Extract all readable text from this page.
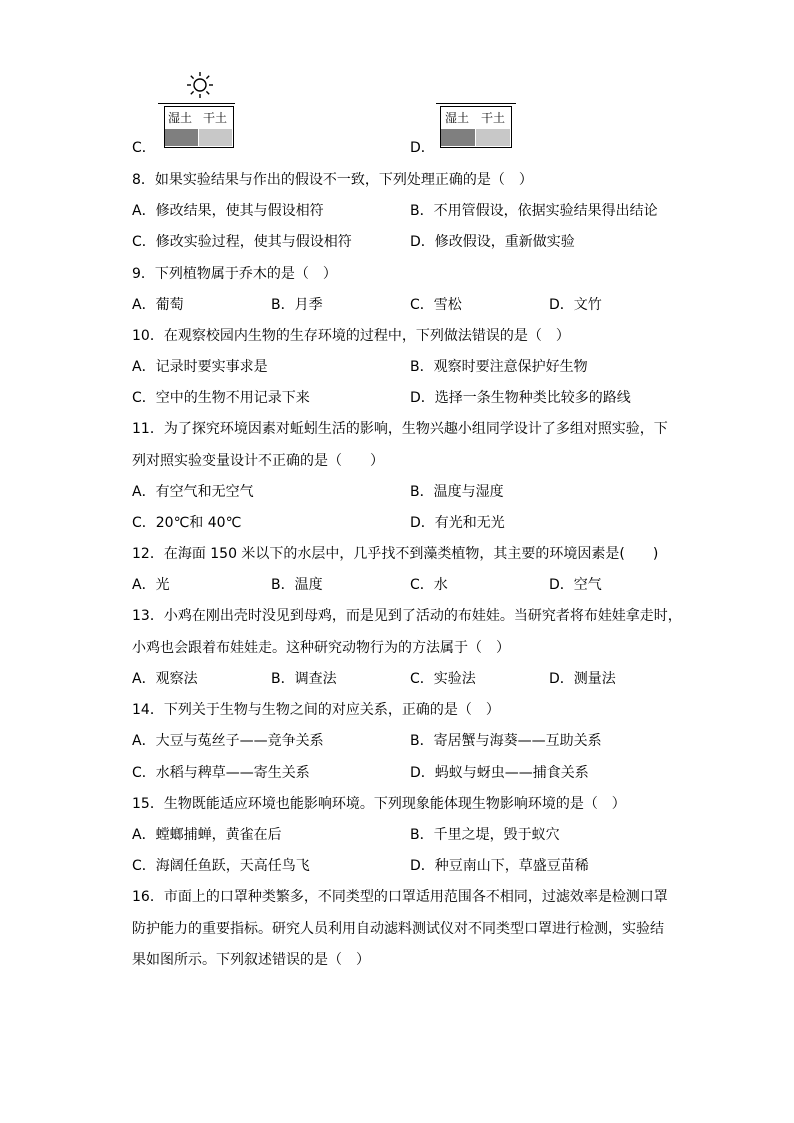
湿土 干土
C．
湿土 干土
D．
8．如果实验结果与作出的假设不一致，下列处理正确的是（　）
A．修改结果，使其与假设相符	B．不用管假设，依据实验结果得出结论
C．修改实验过程，使其与假设相符	D．修改假设，重新做实验
9．下列植物属于乔木的是（　）
A．葡萄	B．月季	C．雪松	D．文竹
10．在观察校园内生物的生存环境的过程中，下列做法错误的是（　）
A．记录时要实事求是	B．观察时要注意保护好生物
C．空中的生物不用记录下来	D．选择一条生物种类比较多的路线
11．为了探究环境因素对蚯蚓生活的影响，生物兴趣小组同学设计了多组对照实验，下
列对照实验变量设计不正确的是（　　）
A．有空气和无空气	B．温度与湿度
C．20℃和 40℃	D．有光和无光
12．在海面 150 米以下的水层中，几乎找不到藻类植物，其主要的环境因素是(　　)
A．光	B．温度	C．水	D．空气
13．小鸡在刚出壳时没见到母鸡，而是见到了活动的布娃娃。当研究者将布娃娃拿走时，
小鸡也会跟着布娃娃走。这种研究动物行为的方法属于（　）
A．观察法	B．调查法	C．实验法	D．测量法
14．下列关于生物与生物之间的对应关系，正确的是（　）
A．大豆与菟丝子——竞争关系	B．寄居蟹与海葵——互助关系
C．水稻与稗草——寄生关系	D．蚂蚁与蚜虫——捕食关系
15．生物既能适应环境也能影响环境。下列现象能体现生物影响环境的是（　）
A．螳螂捕蝉，黄雀在后	B．千里之堤，毁于蚁穴
C．海阔任鱼跃，天高任鸟飞	D．种豆南山下，草盛豆苗稀
16．市面上的口罩种类繁多，不同类型的口罩适用范围各不相同，过滤效率是检测口罩
防护能力的重要指标。研究人员利用自动滤料测试仪对不同类型口罩进行检测，实验结
果如图所示。下列叙述错误的是（　）
